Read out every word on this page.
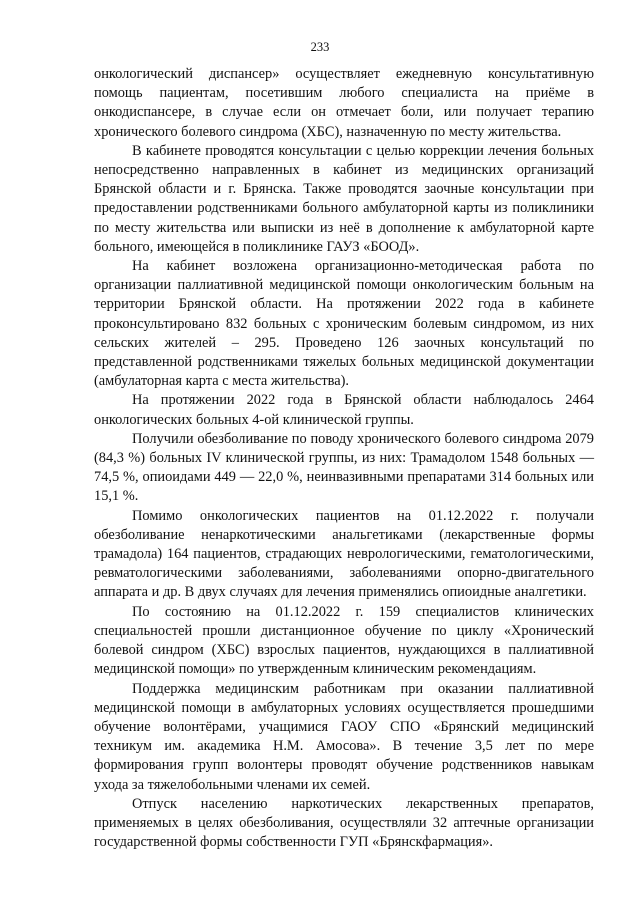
233

онкологический диспансер» осуществляет ежедневную консультативную помощь пациентам, посетившим любого специалиста на приёме в онкодиспансере, в случае если он отмечает боли, или получает терапию хронического болевого синдрома (ХБС), назначенную по месту жительства.

В кабинете проводятся консультации с целью коррекции лечения больных непосредственно направленных в кабинет из медицинских организаций Брянской области и г. Брянска. Также проводятся заочные консультации при предоставлении родственниками больного амбулаторной карты из поликлиники по месту жительства или выписки из неё в дополнение к амбулаторной карте больного, имеющейся в поликлинике ГАУЗ «БООД».

На кабинет возложена организационно-методическая работа по организации паллиативной медицинской помощи онкологическим больным на территории Брянской области. На протяжении 2022 года в кабинете проконсультировано 832 больных с хроническим болевым синдромом, из них сельских жителей – 295. Проведено 126 заочных консультаций по представленной родственниками тяжелых больных медицинской документации (амбулаторная карта с места жительства).

На протяжении 2022 года в Брянской области наблюдалось 2464 онкологических больных 4-ой клинической группы.

Получили обезболивание по поводу хронического болевого синдрома 2079 (84,3 %) больных IV клинической группы, из них: Трамадолом 1548 больных — 74,5 %, опиоидами 449 — 22,0 %, неинвазивными препаратами 314 больных или 15,1 %.

Помимо онкологических пациентов на 01.12.2022 г. получали обезболивание ненаркотическими анальгетиками (лекарственные формы трамадола) 164 пациентов, страдающих неврологическими, гематологическими, ревматологическими заболеваниями, заболеваниями опорно-двигательного аппарата и др. В двух случаях для лечения применялись опиоидные аналгетики.

По состоянию на 01.12.2022 г. 159 специалистов клинических специальностей прошли дистанционное обучение по циклу «Хронический болевой синдром (ХБС) взрослых пациентов, нуждающихся в паллиативной медицинской помощи» по утвержденным клиническим рекомендациям.

Поддержка медицинским работникам при оказании паллиативной медицинской помощи в амбулаторных условиях осуществляется прошедшими обучение волонтёрами, учащимися ГАОУ СПО «Брянский медицинский техникум им. академика Н.М. Амосова». В течение 3,5 лет по мере формирования групп волонтеры проводят обучение родственников навыкам ухода за тяжелобольными членами их семей.

Отпуск населению наркотических лекарственных препаратов, применяемых в целях обезболивания, осуществляли 32 аптечные организации государственной формы собственности ГУП «Брянскфармация».
